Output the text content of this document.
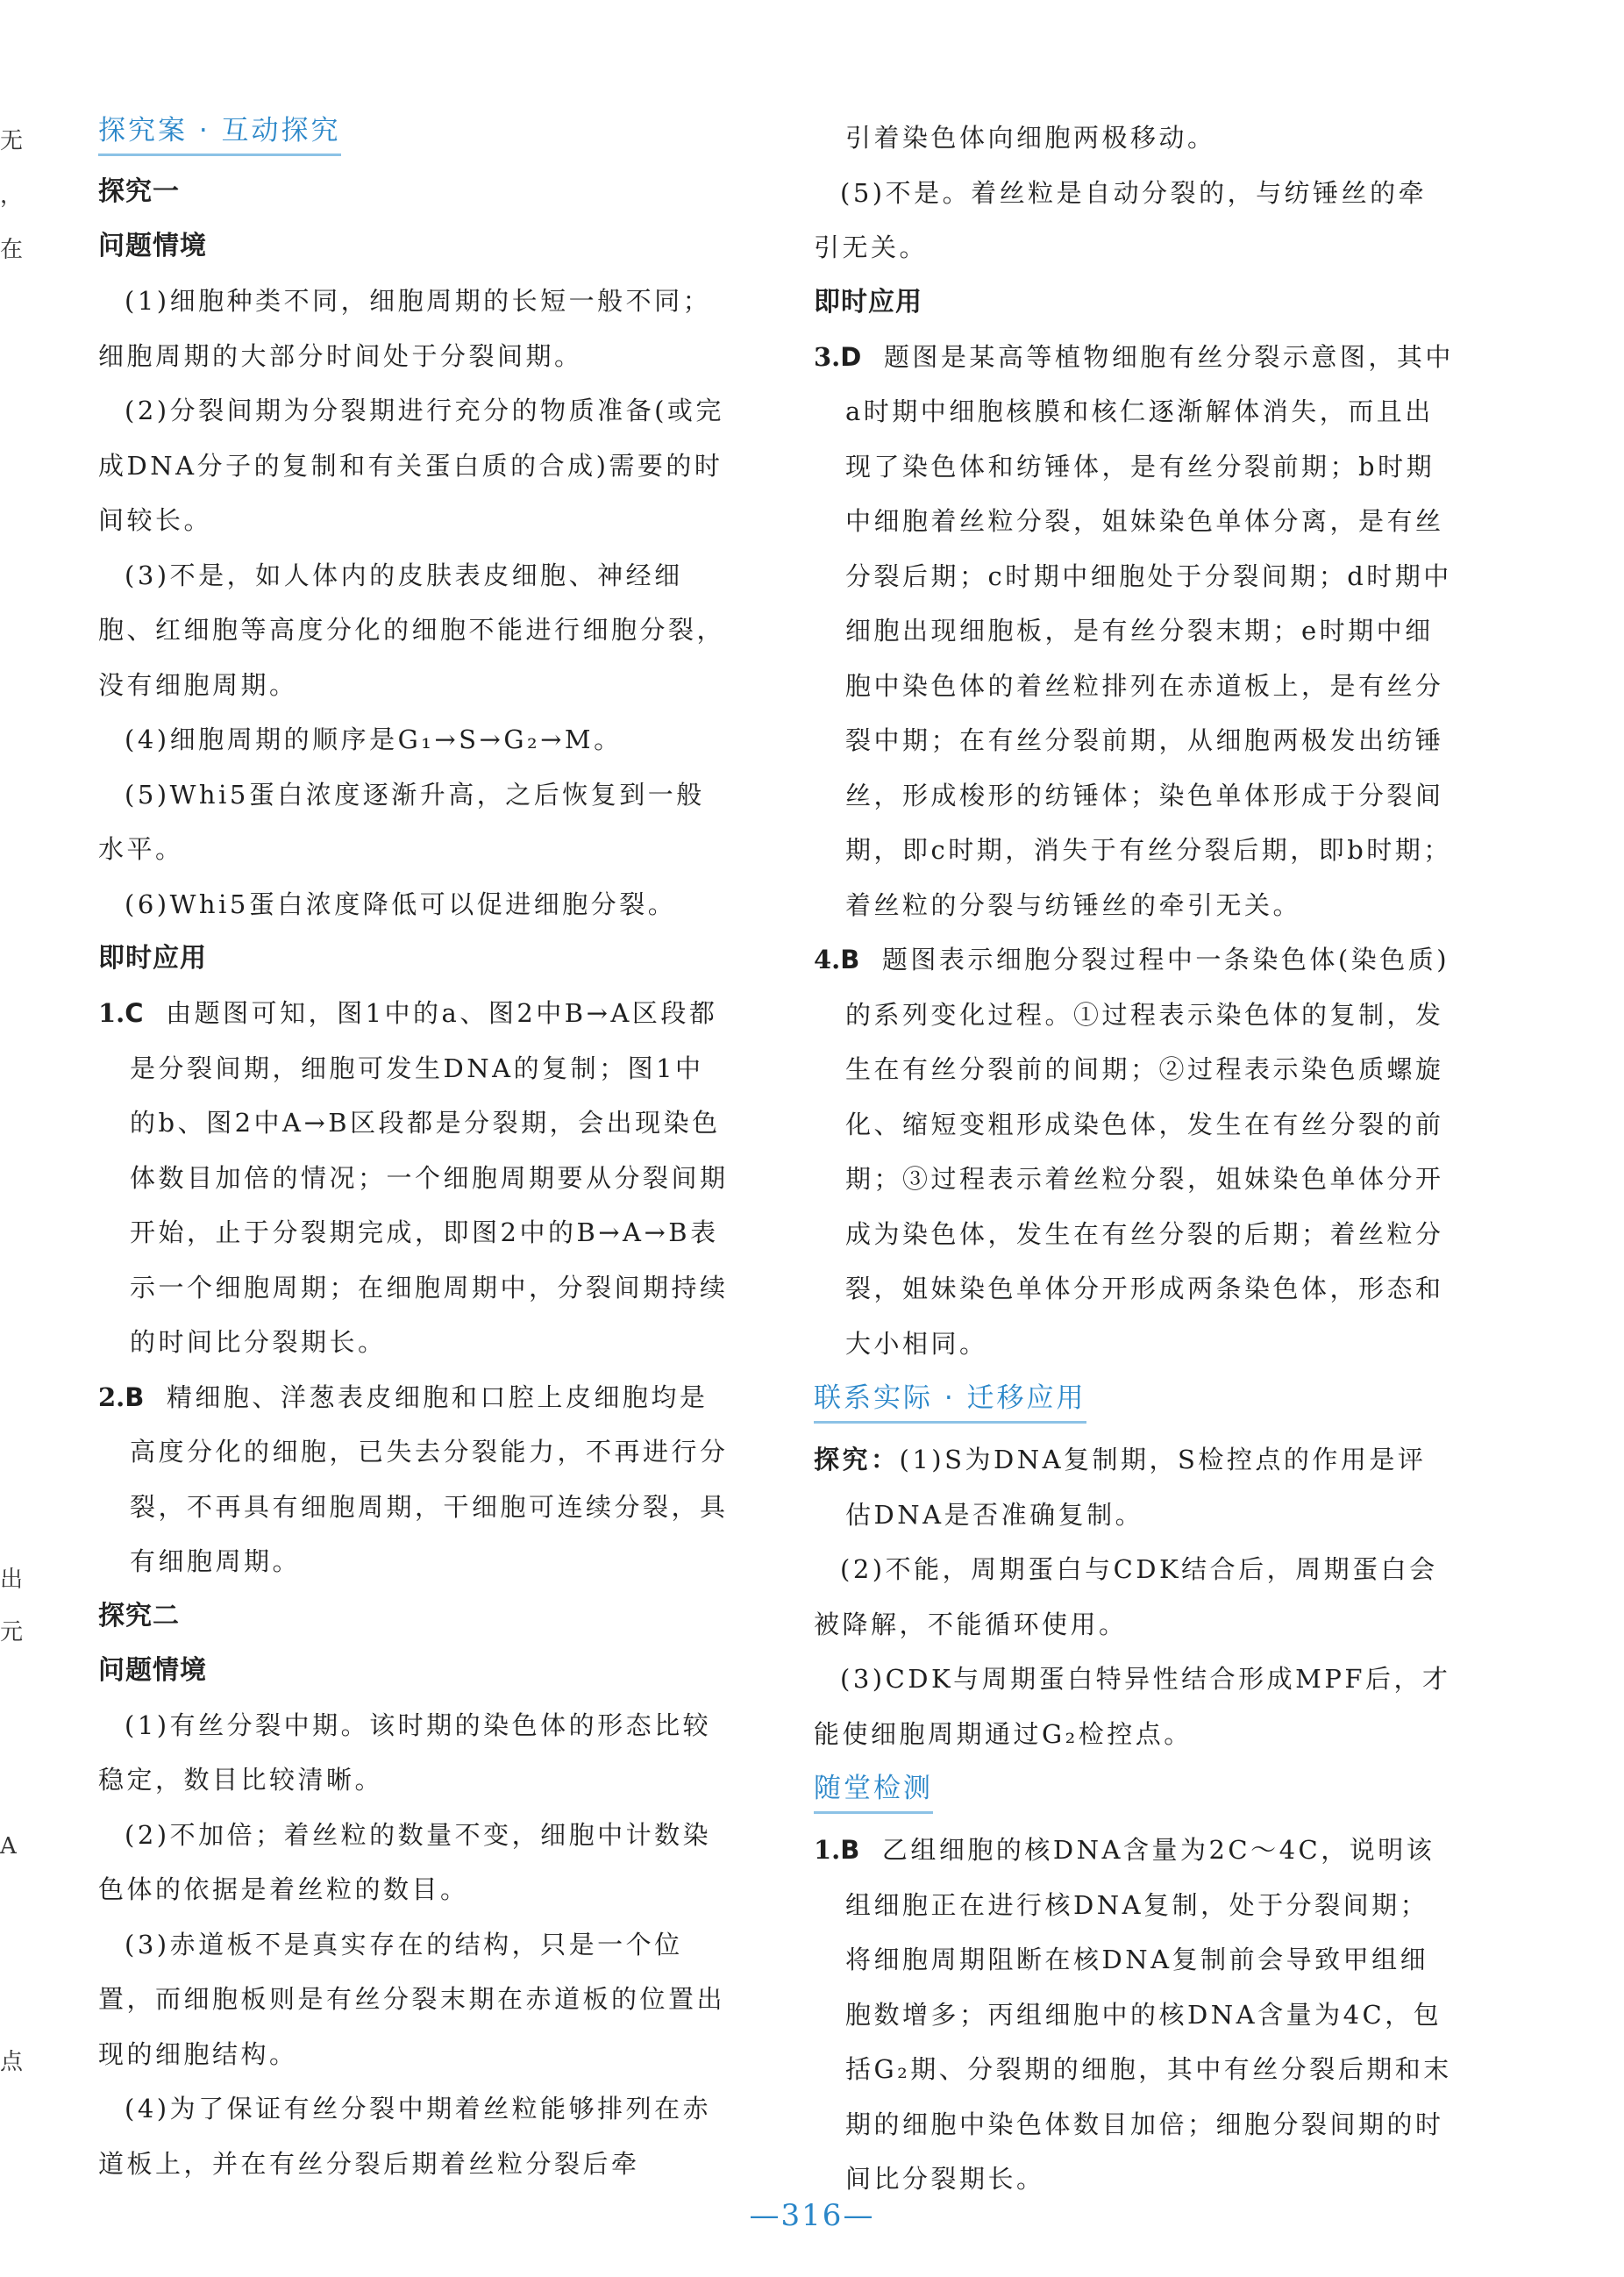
无
，
在
出
元
A
点
探究案 · 互动探究
探究一
问题情境

(1)细胞种类不同，细胞周期的长短一般不同；细胞周期的大部分时间处于分裂间期。

(2)分裂间期为分裂期进行充分的物质准备(或完成DNA分子的复制和有关蛋白质的合成)需要的时间较长。

(3)不是，如人体内的皮肤表皮细胞、神经细胞、红细胞等高度分化的细胞不能进行细胞分裂，没有细胞周期。

(4)细胞周期的顺序是G₁→S→G₂→M。

(5)Whi5蛋白浓度逐渐升高，之后恢复到一般水平。

(6)Whi5蛋白浓度降低可以促进细胞分裂。

即时应用

1.C 由题图可知，图1中的a、图2中B→A区段都是分裂间期，细胞可发生DNA的复制；图1中的b、图2中A→B区段都是分裂期，会出现染色体数目加倍的情况；一个细胞周期要从分裂间期开始，止于分裂期完成，即图2中的B→A→B表示一个细胞周期；在细胞周期中，分裂间期持续的时间比分裂期长。

2.B 精细胞、洋葱表皮细胞和口腔上皮细胞均是高度分化的细胞，已失去分裂能力，不再进行分裂，不再具有细胞周期，干细胞可连续分裂，具有细胞周期。

探究二
问题情境

(1)有丝分裂中期。该时期的染色体的形态比较稳定，数目比较清晰。

(2)不加倍；着丝粒的数量不变，细胞中计数染色体的依据是着丝粒的数目。

(3)赤道板不是真实存在的结构，只是一个位置，而细胞板则是有丝分裂末期在赤道板的位置出现的细胞结构。

(4)为了保证有丝分裂中期着丝粒能够排列在赤道板上，并在有丝分裂后期着丝粒分裂后牵

引着染色体向细胞两极移动。

(5)不是。着丝粒是自动分裂的，与纺锤丝的牵引无关。

即时应用

3.D 题图是某高等植物细胞有丝分裂示意图，其中a时期中细胞核膜和核仁逐渐解体消失，而且出现了染色体和纺锤体，是有丝分裂前期；b时期中细胞着丝粒分裂，姐妹染色单体分离，是有丝分裂后期；c时期中细胞处于分裂间期；d时期中细胞出现细胞板，是有丝分裂末期；e时期中细胞中染色体的着丝粒排列在赤道板上，是有丝分裂中期；在有丝分裂前期，从细胞两极发出纺锤丝，形成梭形的纺锤体；染色单体形成于分裂间期，即c时期，消失于有丝分裂后期，即b时期；着丝粒的分裂与纺锤丝的牵引无关。

4.B 题图表示细胞分裂过程中一条染色体(染色质)的系列变化过程。①过程表示染色体的复制，发生在有丝分裂前的间期；②过程表示染色质螺旋化、缩短变粗形成染色体，发生在有丝分裂的前期；③过程表示着丝粒分裂，姐妹染色单体分开成为染色体，发生在有丝分裂的后期；着丝粒分裂，姐妹染色单体分开形成两条染色体，形态和大小相同。

联系实际 · 迁移应用

探究：(1)S为DNA复制期，S检控点的作用是评估DNA是否准确复制。

(2)不能，周期蛋白与CDK结合后，周期蛋白会被降解，不能循环使用。

(3)CDK与周期蛋白特异性结合形成MPF后，才能使细胞周期通过G₂检控点。

随堂检测

1.B 乙组细胞的核DNA含量为2C～4C，说明该组细胞正在进行核DNA复制，处于分裂间期；将细胞周期阻断在核DNA复制前会导致甲组细胞数增多；丙组细胞中的核DNA含量为4C，包括G₂期、分裂期的细胞，其中有丝分裂后期和末期的细胞中染色体数目加倍；细胞分裂间期的时间比分裂期长。

—316—
